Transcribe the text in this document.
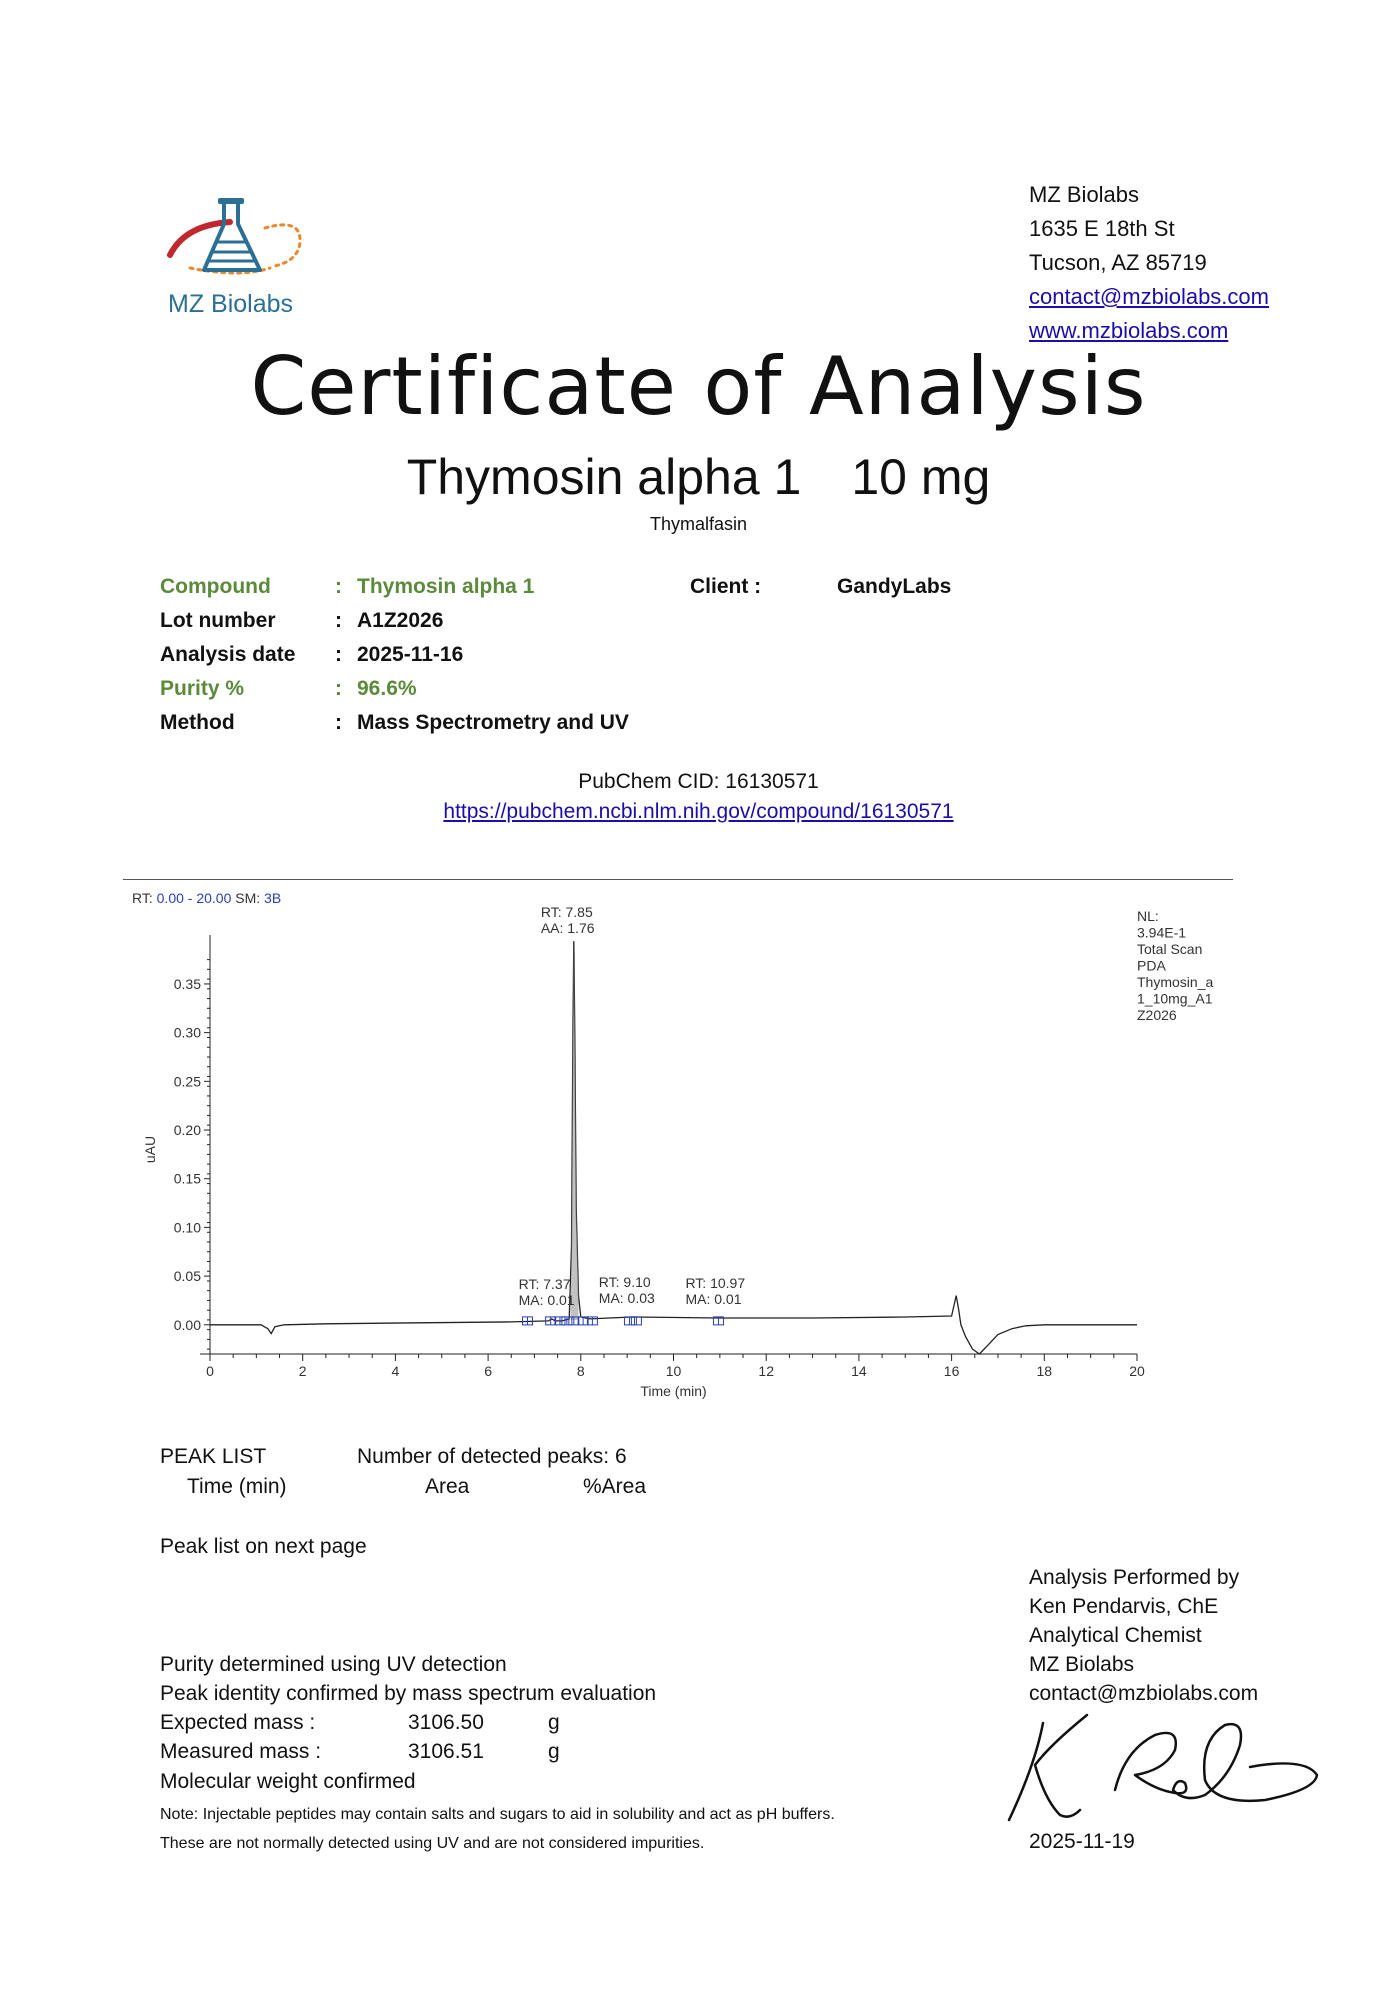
MZ Biolabs
MZ Biolabs
1635 E 18th St
Tucson, AZ 85719
contact@mzbiolabs.com
www.mzbiolabs.com
Certificate of Analysis
Thymosin alpha 1 10 mg
Thymalfasin
Compound	: Thymosin alpha 1	Client :	GandyLabs
Lot number	: A1Z2026
Analysis date : 2025-11-16
Purity %	: 96.6%
Method	: Mass Spectrometry and UV
PubChem CID: 16130571
https://pubchem.ncbi.nlm.nih.gov/compound/16130571
RT: 0.00 - 20.00 SM: 3B
NL:
3.94E-1
Total Scan
PDA
Thymosin_a
1_10mg_A1
Z2026
0	2	4	6	8	10	12	14	16	18	20
0.00
0.05
0.10
0.15
0.20
0.25
0.30
0.35
Time (min)
uAU
RT: 7.85
AA: 1.76
RT: 7.37
MA: 0.01
RT: 9.10
MA: 0.03
RT: 10.97
MA: 0.01
PEAK LIST	Number of detected peaks: 6
Time (min)	Area	%Area
Peak list on next page
Analysis Performed by
Ken Pendarvis, ChE
Analytical Chemist
MZ Biolabs
contact@mzbiolabs.com
2025-11-19
Purity determined using UV detection
Peak identity confirmed by mass spectrum evaluation
Expected mass :	3106.50	g
Measured mass :	3106.51	g
Molecular weight confirmed
Note: Injectable peptides may contain salts and sugars to aid in solubility and act as pH buffers.
These are not normally detected using UV and are not considered impurities.
